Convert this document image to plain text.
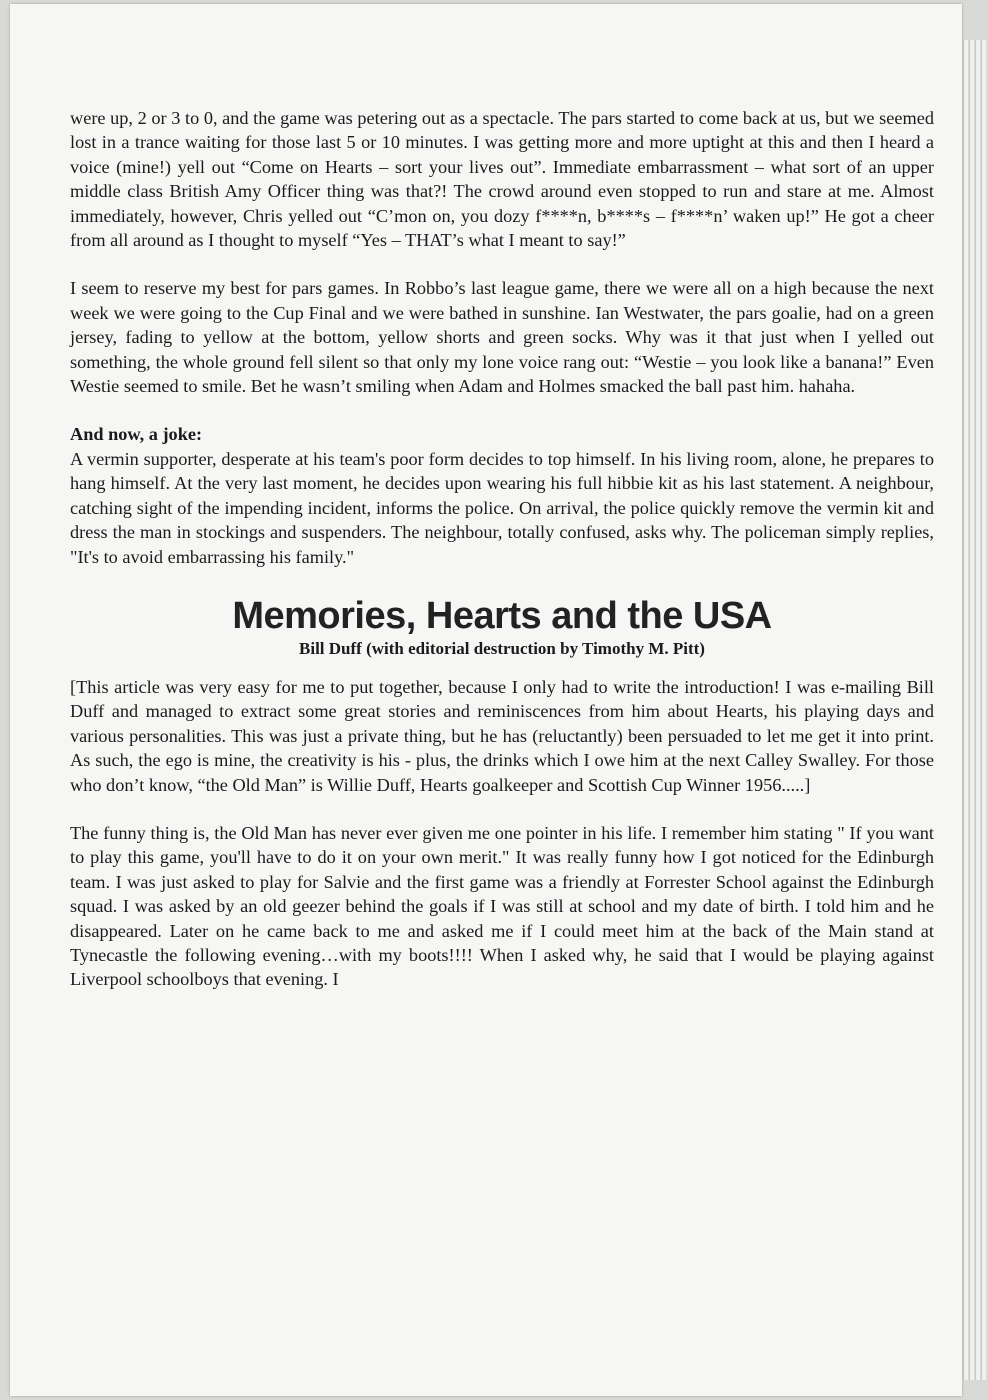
were up, 2 or 3 to 0, and the game was petering out as a spectacle. The pars started to come back at us, but we seemed lost in a trance waiting for those last 5 or 10 minutes. I was getting more and more uptight at this and then I heard a voice (mine!) yell out “Come on Hearts – sort your lives out”. Immediate embarrassment – what sort of an upper middle class British Amy Officer thing was that?! The crowd around even stopped to run and stare at me. Almost immediately, however, Chris yelled out “C’mon on, you dozy f****n, b****s – f****n’ waken up!” He got a cheer from all around as I thought to myself “Yes – THAT’s what I meant to say!”

I seem to reserve my best for pars games. In Robbo’s last league game, there we were all on a high because the next week we were going to the Cup Final and we were bathed in sunshine. Ian Westwater, the pars goalie, had on a green jersey, fading to yellow at the bottom, yellow shorts and green socks. Why was it that just when I yelled out something, the whole ground fell silent so that only my lone voice rang out: “Westie – you look like a banana!” Even Westie seemed to smile. Bet he wasn’t smiling when Adam and Holmes smacked the ball past him. hahaha.

And now, a joke:

A vermin supporter, desperate at his team's poor form decides to top himself. In his living room, alone, he prepares to hang himself. At the very last moment, he decides upon wearing his full hibbie kit as his last statement. A neighbour, catching sight of the impending incident, informs the police. On arrival, the police quickly remove the vermin kit and dress the man in stockings and suspenders. The neighbour, totally confused, asks why. The policeman simply replies, "It's to avoid embarrassing his family."

Memories, Hearts and the USA

Bill Duff (with editorial destruction by Timothy M. Pitt)

[This article was very easy for me to put together, because I only had to write the introduction! I was e-mailing Bill Duff and managed to extract some great stories and reminiscences from him about Hearts, his playing days and various personalities. This was just a private thing, but he has (reluctantly) been persuaded to let me get it into print. As such, the ego is mine, the creativity is his - plus, the drinks which I owe him at the next Calley Swalley. For those who don’t know, “the Old Man” is Willie Duff, Hearts goalkeeper and Scottish Cup Winner 1956.....]

The funny thing is, the Old Man has never ever given me one pointer in his life. I remember him stating " If you want to play this game, you'll have to do it on your own merit." It was really funny how I got noticed for the Edinburgh team. I was just asked to play for Salvie and the first game was a friendly at Forrester School against the Edinburgh squad. I was asked by an old geezer behind the goals if I was still at school and my date of birth. I told him and he disappeared. Later on he came back to me and asked me if I could meet him at the back of the Main stand at Tynecastle the following evening…with my boots!!!! When I asked why, he said that I would be playing against Liverpool schoolboys that evening. I
